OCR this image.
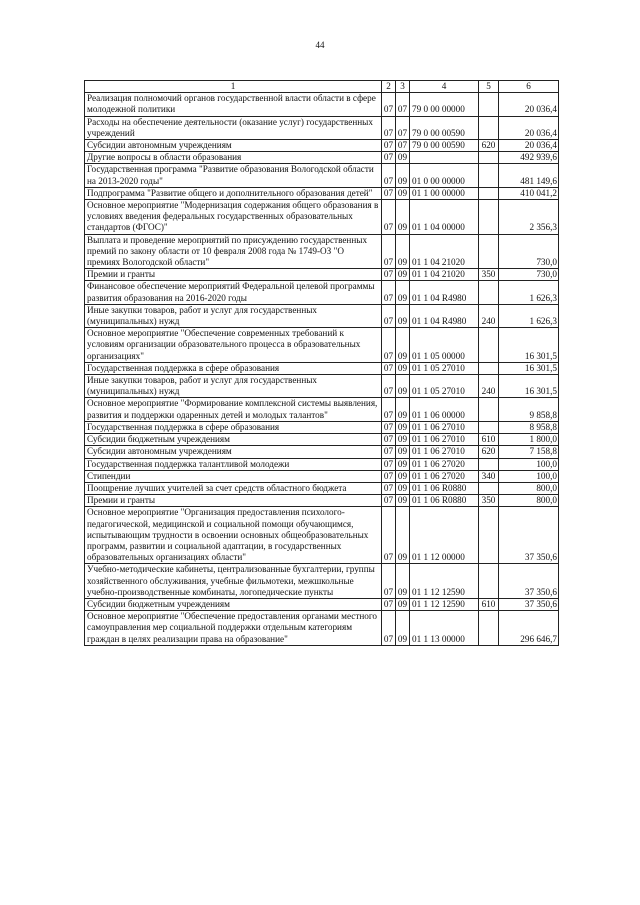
44
1	2	3	4	5	6
Реализация полномочий органов государственной власти области в сфере молодежной политики	07	07	79 0 00 00000		20 036,4
Расходы на обеспечение деятельности (оказание услуг) государственных учреждений	07	07	79 0 00 00590		20 036,4
Субсидии автономным учреждениям	07	07	79 0 00 00590	620	20 036,4
Другие вопросы в области образования	07	09			492 939,6
Государственная программа "Развитие образования Вологодской области на 2013-2020 годы"	07	09	01 0 00 00000		481 149,6
Подпрограмма "Развитие общего и дополнительного образования детей"	07	09	01 1 00 00000		410 041,2
Основное мероприятие "Модернизация содержания общего образования в условиях введения федеральных государственных образовательных стандартов (ФГОС)"	07	09	01 1 04 00000		2 356,3
Выплата и проведение мероприятий по присуждению государственных премий по закону области от 10 февраля 2008 года № 1749-ОЗ "О премиях Вологодской области"	07	09	01 1 04 21020		730,0
Премии и гранты	07	09	01 1 04 21020	350	730,0
Финансовое обеспечение мероприятий Федеральной целевой программы развития образования на 2016-2020 годы	07	09	01 1 04 R4980		1 626,3
Иные закупки товаров, работ и услуг для государственных (муниципальных) нужд	07	09	01 1 04 R4980	240	1 626,3
Основное мероприятие "Обеспечение современных требований к условиям организации образовательного процесса в образовательных организациях"	07	09	01 1 05 00000		16 301,5
Государственная поддержка в сфере образования	07	09	01 1 05 27010		16 301,5
Иные закупки товаров, работ и услуг для государственных (муниципальных) нужд	07	09	01 1 05 27010	240	16 301,5
Основное мероприятие "Формирование комплексной системы выявления, развития и поддержки одаренных детей и молодых талантов"	07	09	01 1 06 00000		9 858,8
Государственная поддержка в сфере образования	07	09	01 1 06 27010		8 958,8
Субсидии бюджетным учреждениям	07	09	01 1 06 27010	610	1 800,0
Субсидии автономным учреждениям	07	09	01 1 06 27010	620	7 158,8
Государственная поддержка талантливой молодежи	07	09	01 1 06 27020		100,0
Стипендии	07	09	01 1 06 27020	340	100,0
Поощрение лучших учителей за счет средств областного бюджета	07	09	01 1 06 R0880		800,0
Премии и гранты	07	09	01 1 06 R0880	350	800,0
Основное мероприятие "Организация предоставления психолого-педагогической, медицинской и социальной помощи обучающимся, испытывающим трудности в освоении основных общеобразовательных программ, развитии и социальной адаптации, в государственных образовательных организациях области"	07	09	01 1 12 00000		37 350,6
Учебно-методические кабинеты, централизованные бухгалтерии, группы хозяйственного обслуживания, учебные фильмотеки, межшкольные учебно-производственные комбинаты, логопедические пункты	07	09	01 1 12 12590		37 350,6
Субсидии бюджетным учреждениям	07	09	01 1 12 12590	610	37 350,6
Основное мероприятие "Обеспечение предоставления органами местного самоуправления мер социальной поддержки отдельным категориям граждан в целях реализации права на образование"	07	09	01 1 13 00000		296 646,7
